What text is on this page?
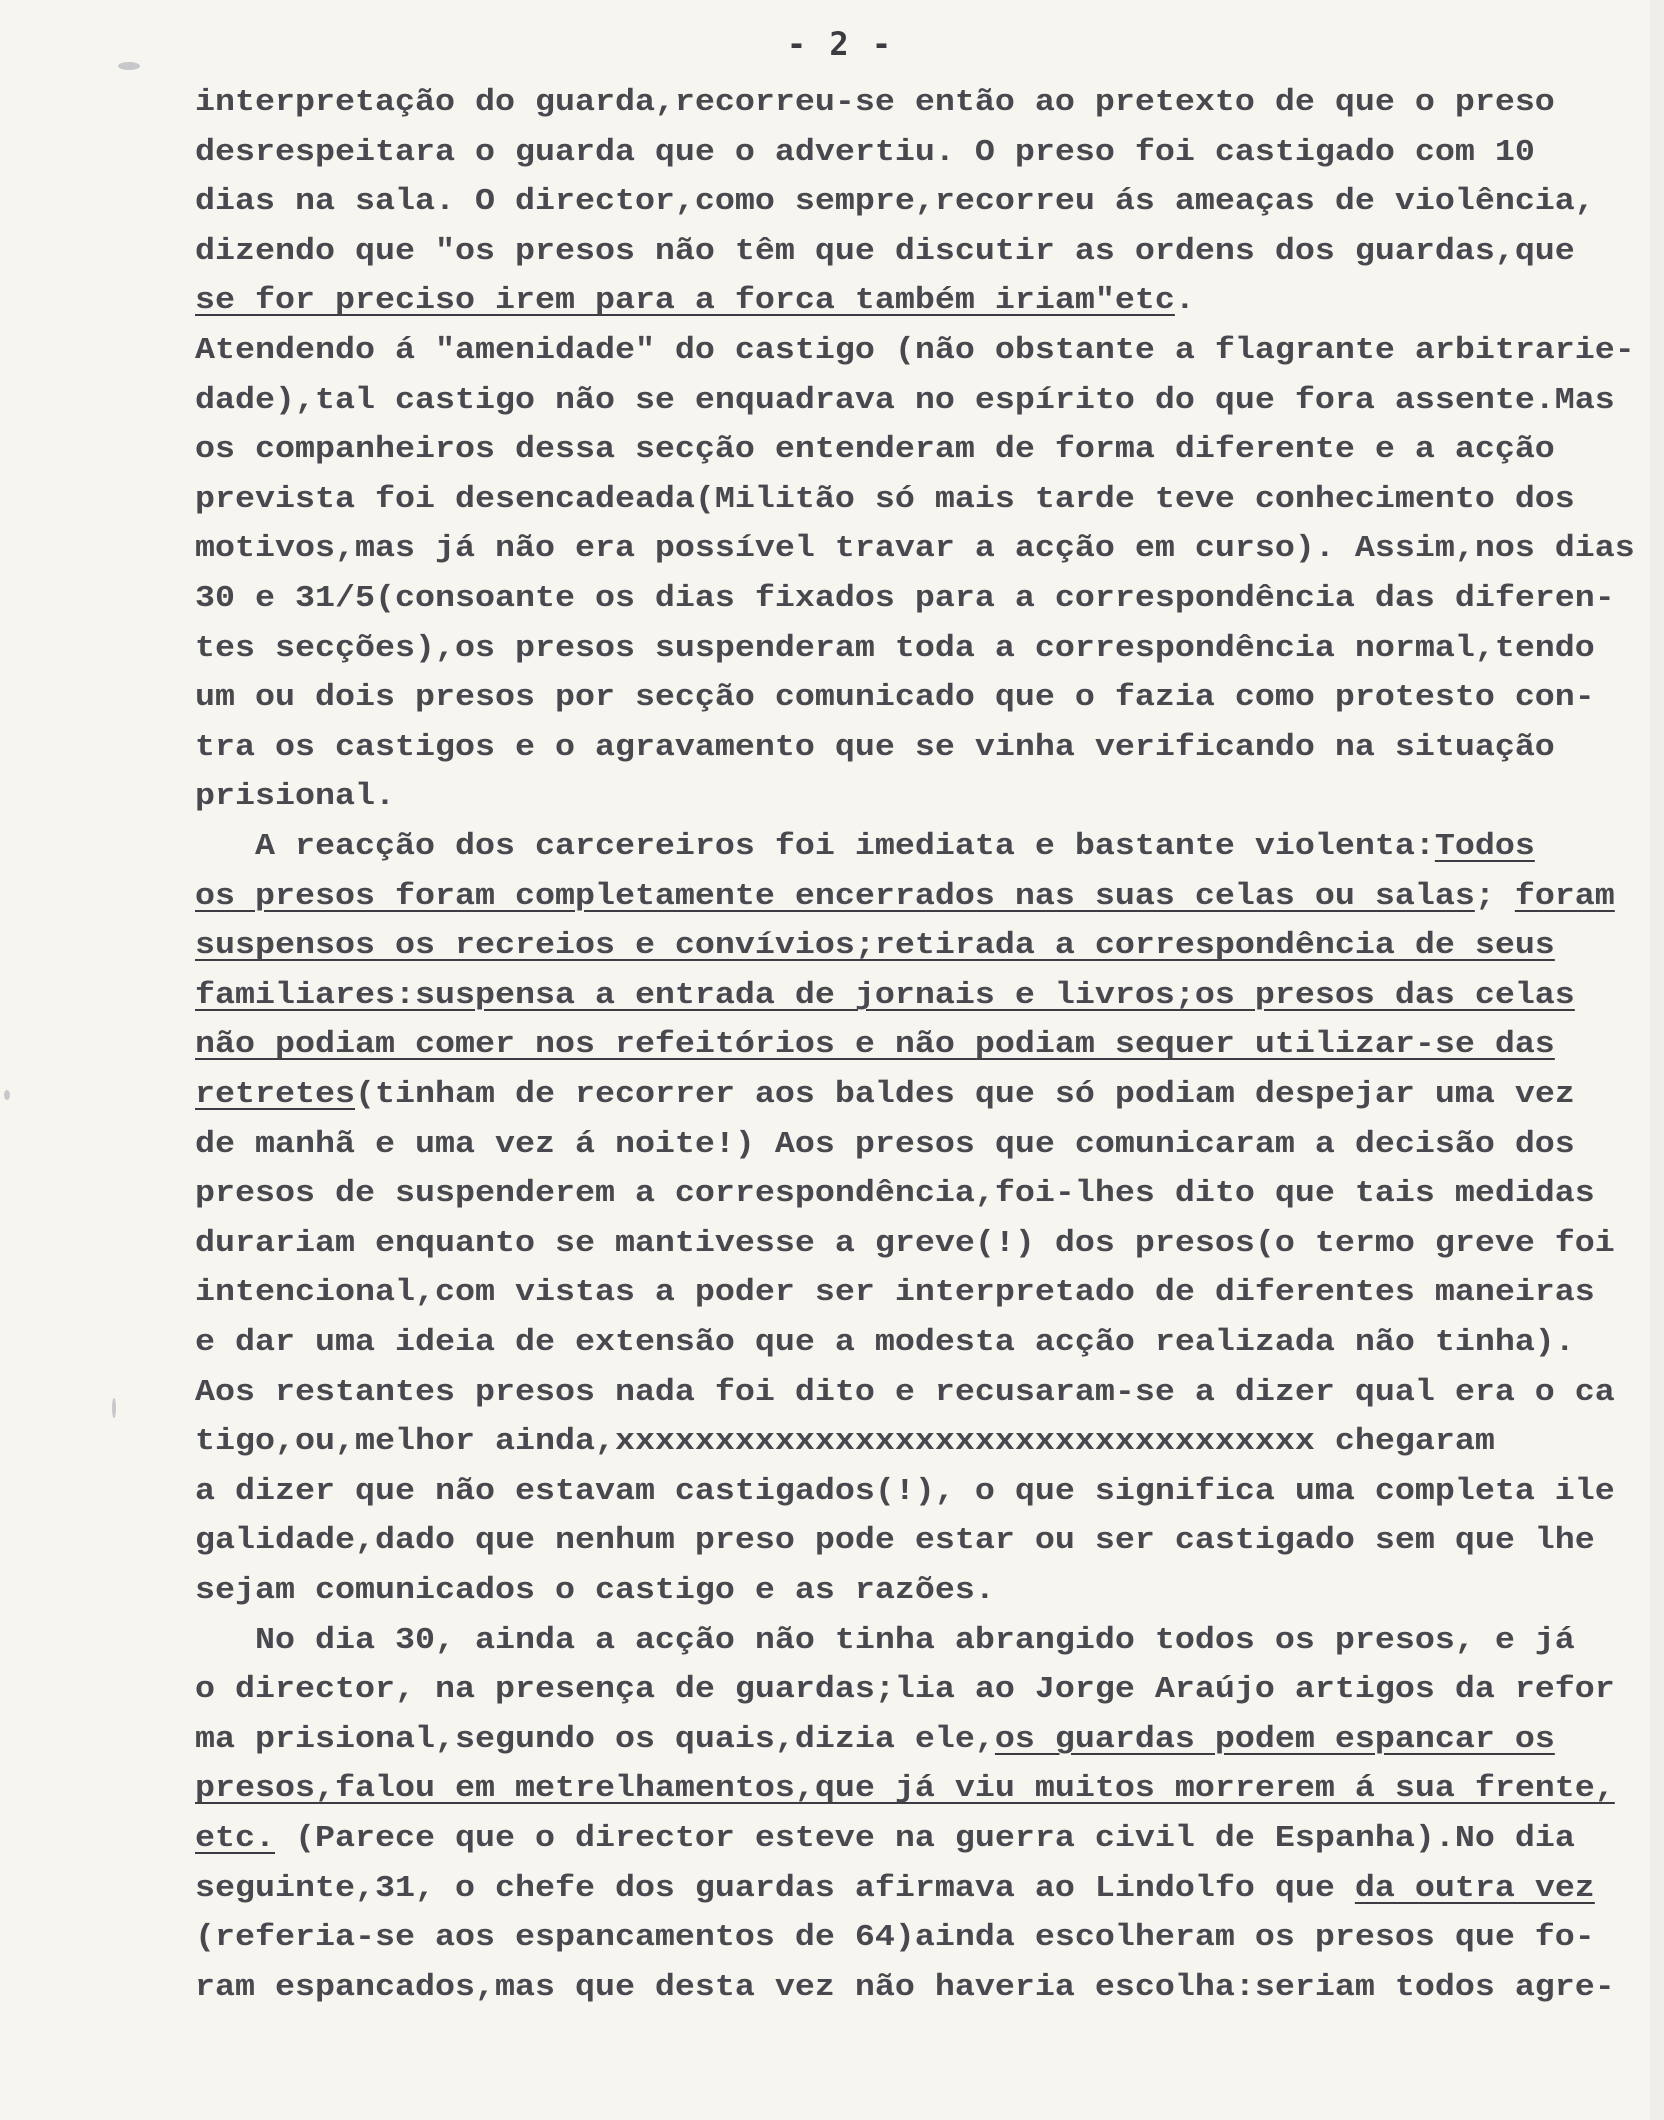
- 2 -
interpretação do guarda,recorreu-se então ao pretexto de que o preso
desrespeitara o guarda que o advertiu. O preso foi castigado com 10
dias na sala. O director,como sempre,recorreu ás ameaças de violência,
dizendo que "os presos não têm que discutir as ordens dos guardas,que
se for preciso irem para a forca também iriam"etc.
Atendendo á "amenidade" do castigo (não obstante a flagrante arbitrarie-
dade),tal castigo não se enquadrava no espírito do que fora assente.Mas
os companheiros dessa secção entenderam de forma diferente e a acção
prevista foi desencadeada(Militão só mais tarde teve conhecimento dos
motivos,mas já não era possível travar a acção em curso). Assim,nos dias
30 e 31/5(consoante os dias fixados para a correspondência das diferen-
tes secções),os presos suspenderam toda a correspondência normal,tendo
um ou dois presos por secção comunicado que o fazia como protesto con-
tra os castigos e o agravamento que se vinha verificando na situação
prisional.
A reacção dos carcereiros foi imediata e bastante violenta:Todos
os presos foram completamente encerrados nas suas celas ou salas; foram
suspensos os recreios e convívios;retirada a correspondência de seus
familiares:suspensa a entrada de jornais e livros;os presos das celas
não podiam comer nos refeitórios e não podiam sequer utilizar-se das
retretes(tinham de recorrer aos baldes que só podiam despejar uma vez
de manhã e uma vez á noite!) Aos presos que comunicaram a decisão dos
presos de suspenderem a correspondência,foi-lhes dito que tais medidas
durariam enquanto se mantivesse a greve(!) dos presos(o termo greve foi
intencional,com vistas a poder ser interpretado de diferentes maneiras
e dar uma ideia de extensão que a modesta acção realizada não tinha).
Aos restantes presos nada foi dito e recusaram-se a dizer qual era o ca
tigo,ou,melhor ainda,xxxxxxxxxxxxxxxxxxxxxxxxxxxxxxxxxxx chegaram
a dizer que não estavam castigados(!), o que significa uma completa ile
galidade,dado que nenhum preso pode estar ou ser castigado sem que lhe
sejam comunicados o castigo e as razões.
No dia 30, ainda a acção não tinha abrangido todos os presos, e já
o director, na presença de guardas;lia ao Jorge Araújo artigos da refor
ma prisional,segundo os quais,dizia ele,os guardas podem espancar os
presos,falou em metrelhamentos,que já viu muitos morrerem á sua frente,
etc. (Parece que o director esteve na guerra civil de Espanha).No dia
seguinte,31, o chefe dos guardas afirmava ao Lindolfo que da outra vez
(referia-se aos espancamentos de 64)ainda escolheram os presos que fo-
ram espancados,mas que desta vez não haveria escolha:seriam todos agre-
